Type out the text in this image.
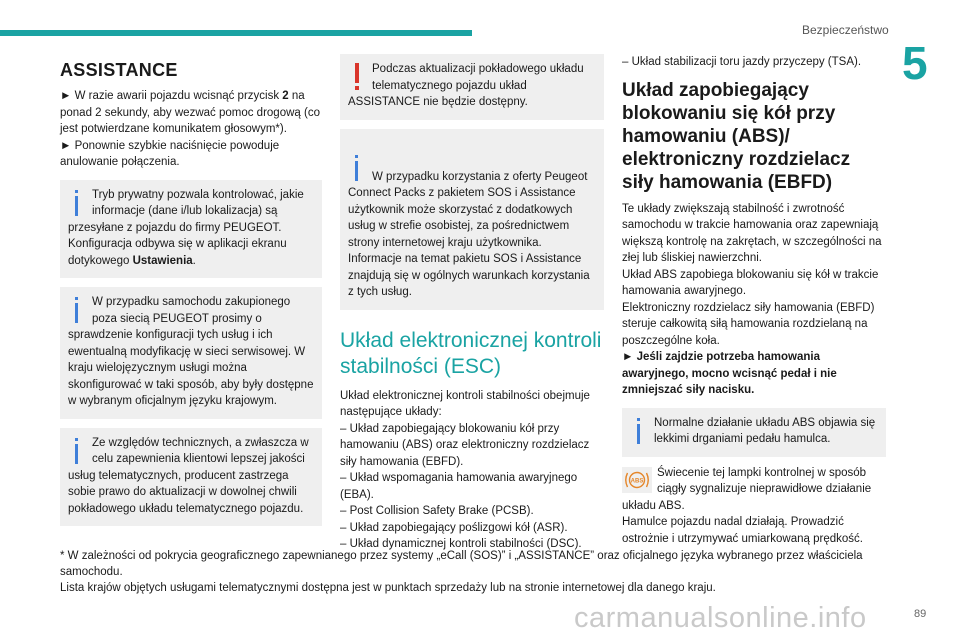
Bezpieczeństwo
5
ASSISTANCE

► W razie awarii pojazdu wcisnąć przycisk 2 na ponad 2 sekundy, aby wezwać pomoc drogową (co jest potwierdzane komunikatem głosowym*).

► Ponownie szybkie naciśnięcie powoduje anulowanie połączenia.

Tryb prywatny pozwala kontrolować, jakie informacje (dane i/lub lokalizacja) są przesyłane z pojazdu do firmy PEUGEOT. Konfiguracja odbywa się w aplikacji ekranu dotykowego Ustawienia.
W przypadku samochodu zakupionego poza siecią PEUGEOT prosimy o sprawdzenie konfiguracji tych usług i ich ewentualną modyfikację w sieci serwisowej. W kraju wielojęzycznym usługi można skonfigurować w taki sposób, aby były dostępne w wybranym oficjalnym języku krajowym.
Ze względów technicznych, a zwłaszcza w celu zapewnienia klientowi lepszej jakości usług telematycznych, producent zastrzega sobie prawo do aktualizacji w dowolnej chwili pokładowego układu telematycznego pojazdu.
Podczas aktualizacji pokładowego układu telematycznego pojazdu układ ASSISTANCE nie będzie dostępny.

W przypadku korzystania z oferty Peugeot Connect Packs z pakietem SOS i Assistance użytkownik może skorzystać z dodatkowych usług w strefie osobistej, za pośrednictwem strony internetowej kraju użytkownika.
Informacje na temat pakietu SOS i Assistance znajdują się w ogólnych warunkach korzystania z tych usług.

Układ elektronicznej kontroli stabilności (ESC)

Układ elektronicznej kontroli stabilności obejmuje następujące układy:

– Układ zapobiegający blokowaniu kół przy hamowaniu (ABS) oraz elektroniczny rozdzielacz siły hamowania (EBFD).

– Układ wspomagania hamowania awaryjnego (EBA).

– Post Collision Safety Brake (PCSB).

– Układ zapobiegający poślizgowi kół (ASR).

– Układ dynamicznej kontroli stabilności (DSC).

– Układ stabilizacji toru jazdy przyczepy (TSA).

Układ zapobiegający blokowaniu się kół przy hamowaniu (ABS)/ elektroniczny rozdzielacz siły hamowania (EBFD)

Te układy zwiększają stabilność i zwrotność samochodu w trakcie hamowania oraz zapewniają większą kontrolę na zakrętach, w szczególności na złej lub śliskiej nawierzchni.

Układ ABS zapobiega blokowaniu się kół w trakcie hamowania awaryjnego.

Elektroniczny rozdzielacz siły hamowania (EBFD) steruje całkowitą siłą hamowania rozdzielaną na poszczególne koła.

► Jeśli zajdzie potrzeba hamowania awaryjnego, mocno wcisnąć pedał i nie zmniejszać siły nacisku.

Normalne działanie układu ABS objawia się lekkimi drganiami pedału hamulca.
ABS
Świecenie tej lampki kontrolnej w sposób ciągły sygnalizuje nieprawidłowe działanie układu ABS.

Hamulce pojazdu nadal działają. Prowadzić ostrożnie i utrzymywać umiarkowaną prędkość.

* W zależności od pokrycia geograficznego zapewnianego przez systemy „eCall (SOS)” i „ASSISTANCE” oraz oficjalnego języka wybranego przez właściciela samochodu.

Lista krajów objętych usługami telematycznymi dostępna jest w punktach sprzedaży lub na stronie internetowej dla danego kraju.

carmanualsonline.info	89
